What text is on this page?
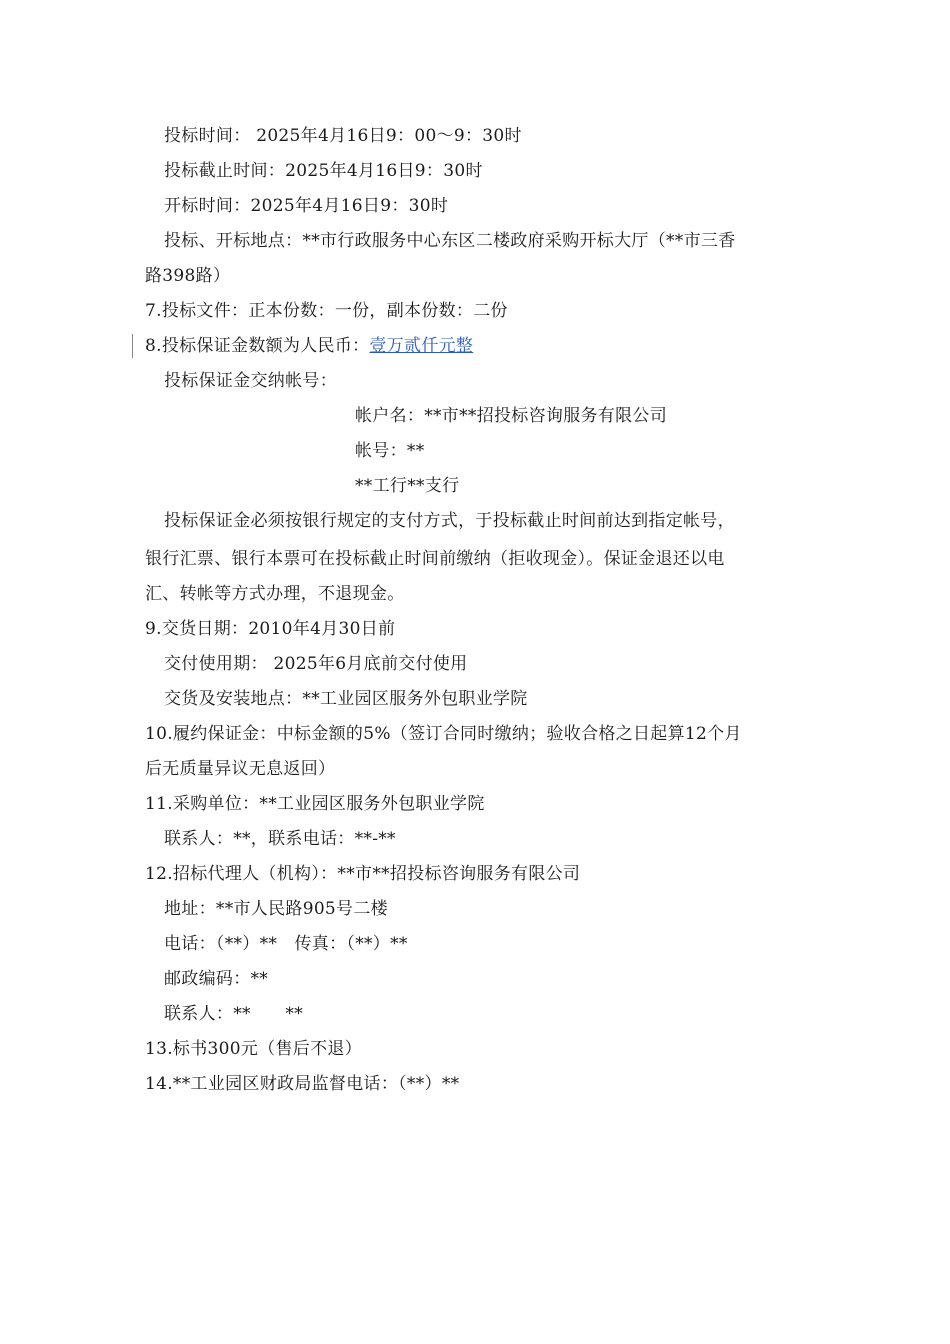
投标时间： 2025年4月16日9：00～9：30时
投标截止时间：2025年4月16日9：30时
开标时间：2025年4月16日9：30时
投标、开标地点：**市行政服务中心东区二楼政府采购开标大厅（**市三香
路398路）
7.投标文件：正本份数：一份，副本份数：二份
8.投标保证金数额为人民币：壹万贰仟元整
投标保证金交纳帐号：
帐户名：**市**招投标咨询服务有限公司
帐号：**
**工行**支行
投标保证金必须按银行规定的支付方式，于投标截止时间前达到指定帐号，
银行汇票、银行本票可在投标截止时间前缴纳（拒收现金）。保证金退还以电
汇、转帐等方式办理，不退现金。
9.交货日期：2010年4月30日前
交付使用期： 2025年6月底前交付使用
交货及安装地点：**工业园区服务外包职业学院
10.履约保证金：中标金额的5%（签订合同时缴纳；验收合格之日起算12个月
后无质量异议无息返回）
11.采购单位：**工业园区服务外包职业学院
联系人：**，联系电话：**-**
12.招标代理人（机构）：**市**招投标咨询服务有限公司
地址：**市人民路905号二楼
电话：（**）**　传真：（**）**
邮政编码：**
联系人：**　　**
13.标书300元（售后不退）
14.**工业园区财政局监督电话：（**）**
